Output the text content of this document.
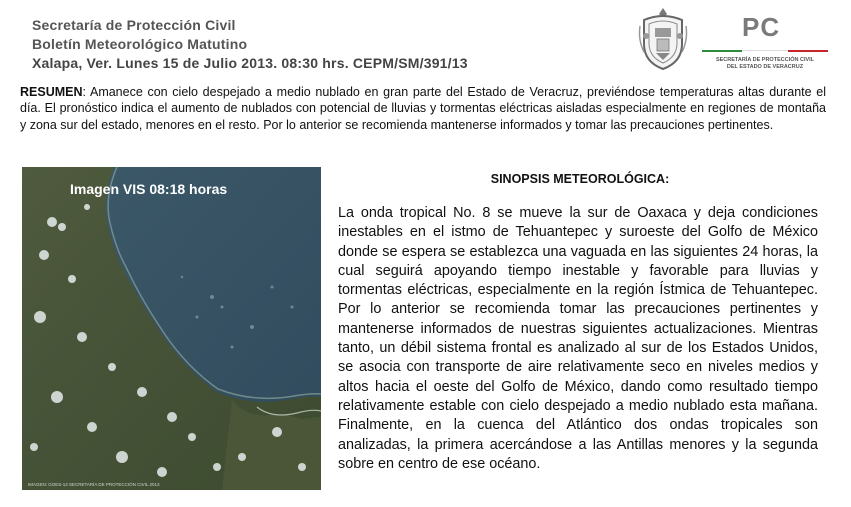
Secretaría de Protección Civil
Boletín Meteorológico Matutino
Xalapa, Ver. Lunes 15 de Julio 2013. 08:30 hrs. CEPM/SM/391/13
PC
SECRETARÍA DE PROTECCIÓN CIVIL
DEL ESTADO DE VERACRUZ
RESUMEN: Amanece con cielo despejado a medio nublado en gran parte del Estado de Veracruz, previéndose temperaturas altas durante el día. El pronóstico indica el aumento de nublados con potencial de lluvias y tormentas eléctricas aisladas especialmente en regiones de montaña y zona sur del estado, menores en el resto. Por lo anterior se recomienda mantenerse informados y tomar las precauciones pertinentes.
Imagen VIS 08:18 horas
IMAGEN: GOES-13 SECRETARÍA DE PROTECCIÓN CIVIL 2013
SINOPSIS METEOROLÓGICA:
La onda tropical No. 8 se mueve la sur de Oaxaca y deja condiciones inestables en el istmo de Tehuantepec y suroeste del Golfo de México donde se espera se establezca una vaguada en las siguientes 24 horas, la cual seguirá apoyando tiempo inestable y favorable para lluvias y tormentas eléctricas, especialmente en la región Ístmica de Tehuantepec. Por lo anterior se recomienda tomar las precauciones pertinentes y mantenerse informados de nuestras siguientes actualizaciones. Mientras tanto, un débil sistema frontal es analizado al sur de los Estados Unidos, se asocia con transporte de aire relativamente seco en niveles medios y altos hacia el oeste del Golfo de México, dando como resultado tiempo relativamente estable con cielo despejado a medio nublado esta mañana. Finalmente, en la cuenca del Atlántico dos ondas tropicales son analizadas, la primera acercándose a las Antillas menores y la segunda sobre en centro de ese océano.
